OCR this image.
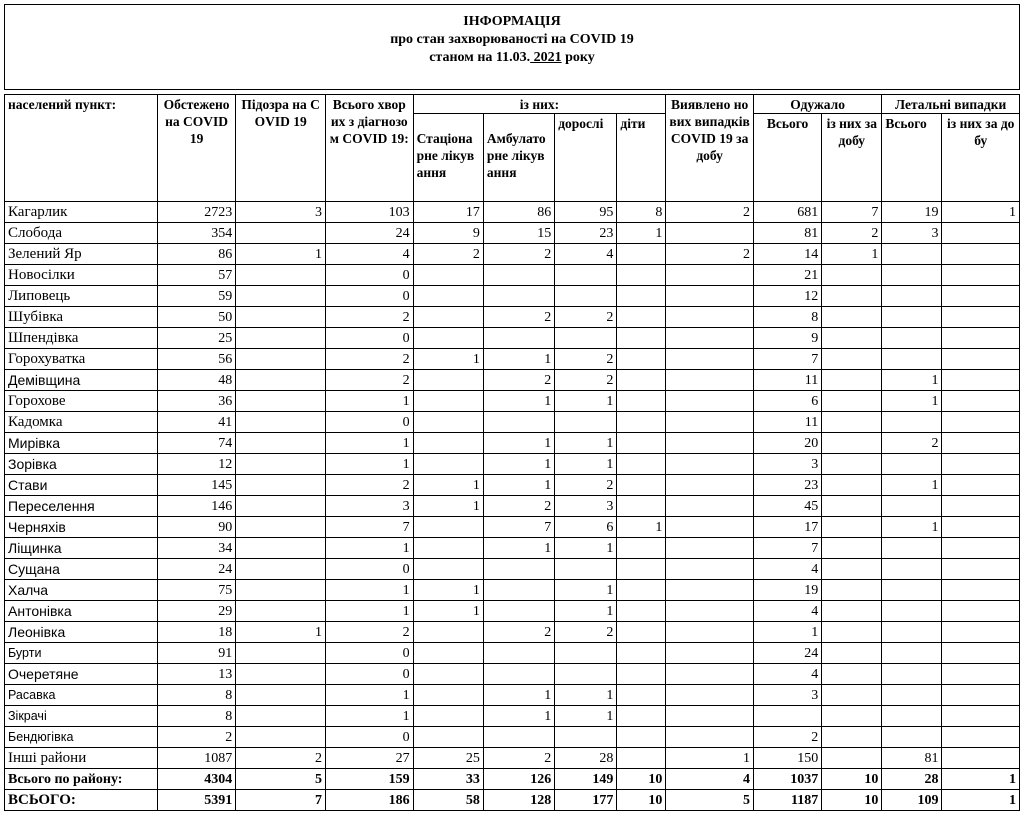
ІНФОРМАЦІЯ
про стан захворюваності на COVID 19
станом на 11.03. 2021 року
населений пункт:	Обстежено на COVID 19	Підозра на COVID 19	Всього хворих з діагнозом COVID 19:	із них:				Виявлено нових випадків COVID 19 за добу	Одужало		Летальні випадки	
				Стаціонарне лікування	Амбулаторне лікування	дорослі	діти		Всього	із них за добу	Всього	із них за добу
Кагарлик	2723	3	103	17	86	95	8	2	681	7	19	1
Слобода	354		24	9	15	23	1		81	2	3	
Зелений Яр	86	1	4	2	2	4		2	14	1		
Новосілки	57		0						21			
Липовець	59		0						12			
Шубівка	50		2		2	2			8			
Шпендівка	25		0						9			
Горохуватка	56		2	1	1	2			7			
Демівщина	48		2		2	2			11		1	
Горохове	36		1		1	1			6		1	
Кадомка	41		0						11			
Мирівка	74		1		1	1			20		2	
Зорівка	12		1		1	1			3			
Стави	145		2	1	1	2			23		1	
Переселення	146		3	1	2	3			45			
Черняхів	90		7		7	6	1		17		1	
Ліщинка	34		1		1	1			7			
Сущана	24		0						4			
Халча	75		1	1		1			19			
Антонівка	29		1	1		1			4			
Леонівка	18	1	2		2	2			1			
Бурти	91		0						24			
Очеретяне	13		0						4			
Расавка	8		1		1	1			3			
Зікрачі	8		1		1	1						
Бендюгівка	2		0						2			
Інші райони	1087	2	27	25	2	28		1	150		81	
Всього по району:	4304	5	159	33	126	149	10	4	1037	10	28	1
ВСЬОГО:	5391	7	186	58	128	177	10	5	1187	10	109	1
